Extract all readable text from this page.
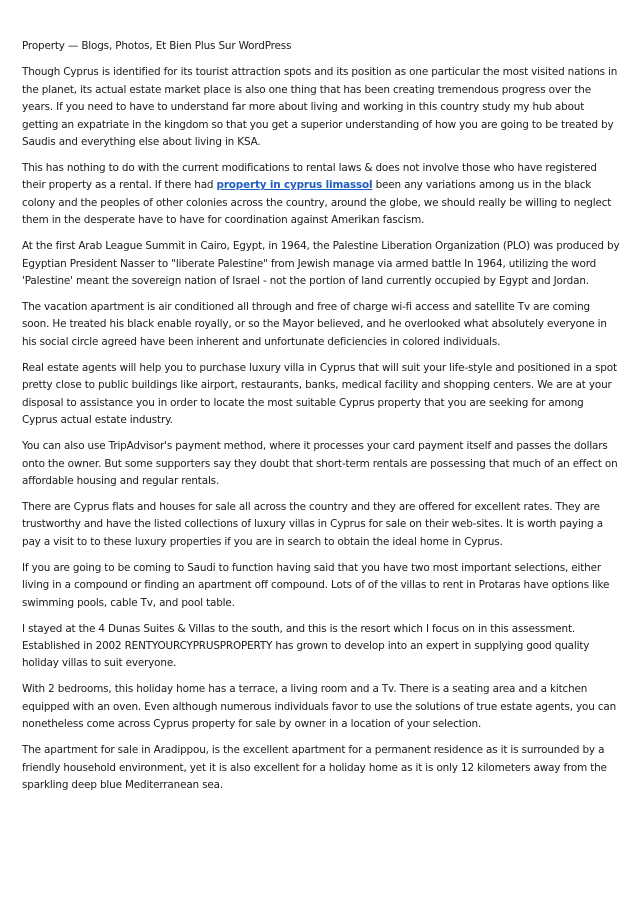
Property — Blogs, Photos, Et Bien Plus Sur WordPress

Though Cyprus is identified for its tourist attraction spots and its position as one particular the most visited nations in the planet, its actual estate market place is also one thing that has been creating tremendous progress over the years. If you need to have to understand far more about living and working in this country study my hub about getting an expatriate in the kingdom so that you get a superior understanding of how you are going to be treated by Saudis and everything else about living in KSA.

This has nothing to do with the current modifications to rental laws & does not involve those who have registered their property as a rental. If there had property in cyprus limassol been any variations among us in the black colony and the peoples of other colonies across the country, around the globe, we should really be willing to neglect them in the desperate have to have for coordination against Amerikan fascism.

At the first Arab League Summit in Cairo, Egypt, in 1964, the Palestine Liberation Organization (PLO) was produced by Egyptian President Nasser to "liberate Palestine" from Jewish manage via armed battle In 1964, utilizing the word 'Palestine' meant the sovereign nation of Israel - not the portion of land currently occupied by Egypt and Jordan.

The vacation apartment is air conditioned all through and free of charge wi-fi access and satellite Tv are coming soon. He treated his black enable royally, or so the Mayor believed, and he overlooked what absolutely everyone in his social circle agreed have been inherent and unfortunate deficiencies in colored individuals.

Real estate agents will help you to purchase luxury villa in Cyprus that will suit your life-style and positioned in a spot pretty close to public buildings like airport, restaurants, banks, medical facility and shopping centers. We are at your disposal to assistance you in order to locate the most suitable Cyprus property that you are seeking for among Cyprus actual estate industry.

You can also use TripAdvisor's payment method, where it processes your card payment itself and passes the dollars onto the owner. But some supporters say they doubt that short-term rentals are possessing that much of an effect on affordable housing and regular rentals.

There are Cyprus flats and houses for sale all across the country and they are offered for excellent rates. They are trustworthy and have the listed collections of luxury villas in Cyprus for sale on their web-sites. It is worth paying a pay a visit to to these luxury properties if you are in search to obtain the ideal home in Cyprus.

If you are going to be coming to Saudi to function having said that you have two most important selections, either living in a compound or finding an apartment off compound. Lots of of the villas to rent in Protaras have options like swimming pools, cable Tv, and pool table.

I stayed at the 4 Dunas Suites & Villas to the south, and this is the resort which I focus on in this assessment. Established in 2002 RENTYOURCYPRUSPROPERTY has grown to develop into an expert in supplying good quality holiday villas to suit everyone.

With 2 bedrooms, this holiday home has a terrace, a living room and a Tv. There is a seating area and a kitchen equipped with an oven. Even although numerous individuals favor to use the solutions of true estate agents, you can nonetheless come across Cyprus property for sale by owner in a location of your selection.

The apartment for sale in Aradippou, is the excellent apartment for a permanent residence as it is surrounded by a friendly household environment, yet it is also excellent for a holiday home as it is only 12 kilometers away from the sparkling deep blue Mediterranean sea.
